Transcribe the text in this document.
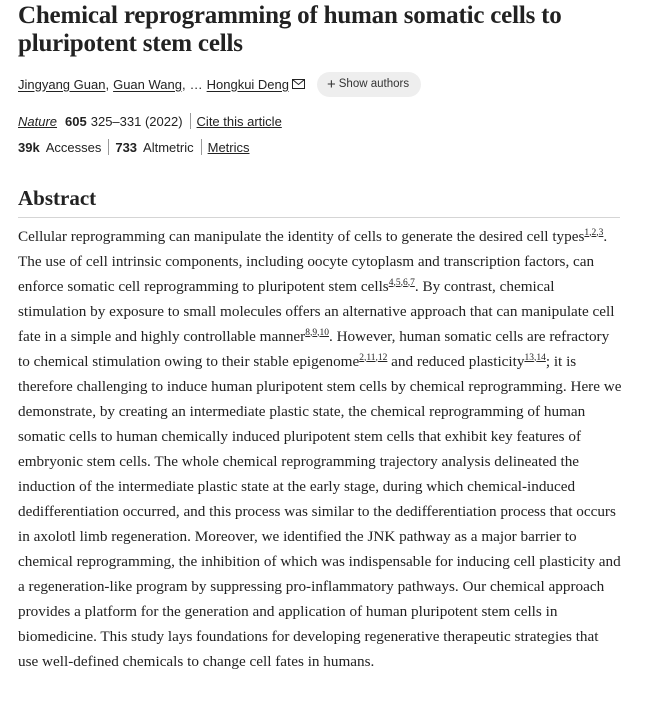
Chemical reprogramming of human somatic cells to pluripotent stem cells
Jingyang Guan , Guan Wang , … Hongkui Deng	+ Show authors
Nature 605 325–331 (2022) Cite this article
39k Accesses 733 Altmetric Metrics
Abstract

Cellular reprogramming can manipulate the identity of cells to generate the desired cell types$^{1,2,3}$. The use of cell intrinsic components, including oocyte cytoplasm and transcription factors, can enforce somatic cell reprogramming to pluripotent stem cells$^{4,5,6,7}$. By contrast, chemical stimulation by exposure to small molecules offers an alternative approach that can manipulate cell fate in a simple and highly controllable manner$^{8,9,10}$. However, human somatic cells are refractory to chemical stimulation owing to their stable epigenome$^{2,11,12}$ and reduced plasticity$^{13,14}$; it is therefore challenging to induce human pluripotent stem cells by chemical reprogramming. Here we demonstrate, by creating an intermediate plastic state, the chemical reprogramming of human somatic cells to human chemically induced pluripotent stem cells that exhibit key features of embryonic stem cells. The whole chemical reprogramming trajectory analysis delineated the induction of the intermediate plastic state at the early stage, during which chemical-induced dedifferentiation occurred, and this process was similar to the dedifferentiation process that occurs in axolotl limb regeneration. Moreover, we identified the JNK pathway as a major barrier to chemical reprogramming, the inhibition of which was indispensable for inducing cell plasticity and a regeneration-like program by suppressing pro-inflammatory pathways. Our chemical approach provides a platform for the generation and application of human pluripotent stem cells in biomedicine. This study lays foundations for developing regenerative therapeutic strategies that use well-defined chemicals to change cell fates in humans.
